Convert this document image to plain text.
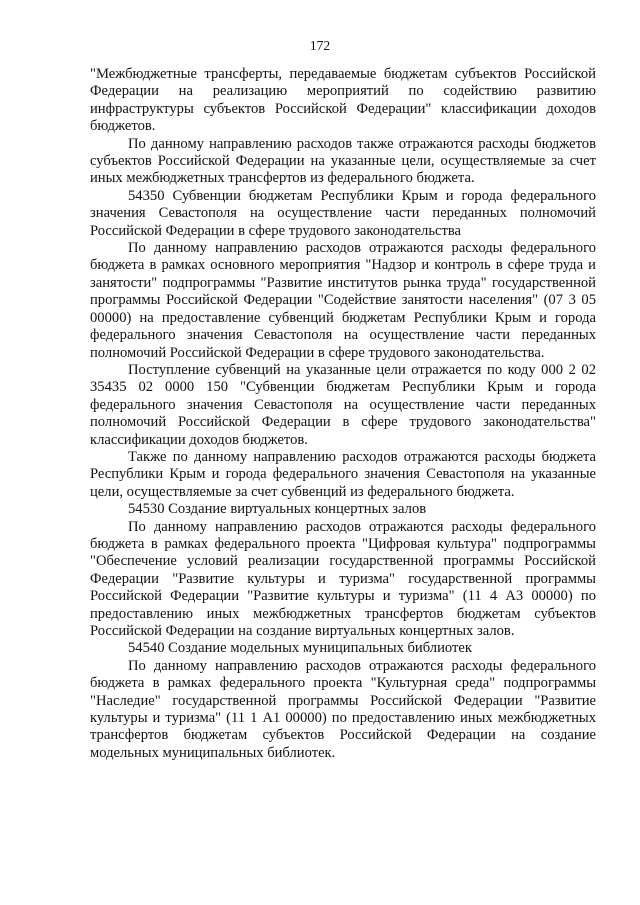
172

"Межбюджетные трансферты, передаваемые бюджетам субъектов Российской Федерации на реализацию мероприятий по содействию развитию инфраструктуры субъектов Российской Федерации" классификации доходов бюджетов.

По данному направлению расходов также отражаются расходы бюджетов субъектов Российской Федерации на указанные цели, осуществляемые за счет иных межбюджетных трансфертов из федерального бюджета.

54350 Субвенции бюджетам Республики Крым и города федерального значения Севастополя на осуществление части переданных полномочий Российской Федерации в сфере трудового законодательства

По данному направлению расходов отражаются расходы федерального бюджета в рамках основного мероприятия "Надзор и контроль в сфере труда и занятости" подпрограммы "Развитие институтов рынка труда" государственной программы Российской Федерации "Содействие занятости населения" (07 3 05 00000) на предоставление субвенций бюджетам Республики Крым и города федерального значения Севастополя на осуществление части переданных полномочий Российской Федерации в сфере трудового законодательства.

Поступление субвенций на указанные цели отражается по коду 000 2 02 35435 02 0000 150 "Субвенции бюджетам Республики Крым и города федерального значения Севастополя на осуществление части переданных полномочий Российской Федерации в сфере трудового законодательства" классификации доходов бюджетов.

Также по данному направлению расходов отражаются расходы бюджета Республики Крым и города федерального значения Севастополя на указанные цели, осуществляемые за счет субвенций из федерального бюджета.

54530 Создание виртуальных концертных залов

По данному направлению расходов отражаются расходы федерального бюджета в рамках федерального проекта "Цифровая культура" подпрограммы "Обеспечение условий реализации государственной программы Российской Федерации "Развитие культуры и туризма" государственной программы Российской Федерации "Развитие культуры и туризма" (11 4 А3 00000) по предоставлению иных межбюджетных трансфертов бюджетам субъектов Российской Федерации на создание виртуальных концертных залов.

54540 Создание модельных муниципальных библиотек

По данному направлению расходов отражаются расходы федерального бюджета в рамках федерального проекта "Культурная среда" подпрограммы "Наследие" государственной программы Российской Федерации "Развитие культуры и туризма" (11 1 А1 00000) по предоставлению иных межбюджетных трансфертов бюджетам субъектов Российской Федерации на создание модельных муниципальных библиотек.
